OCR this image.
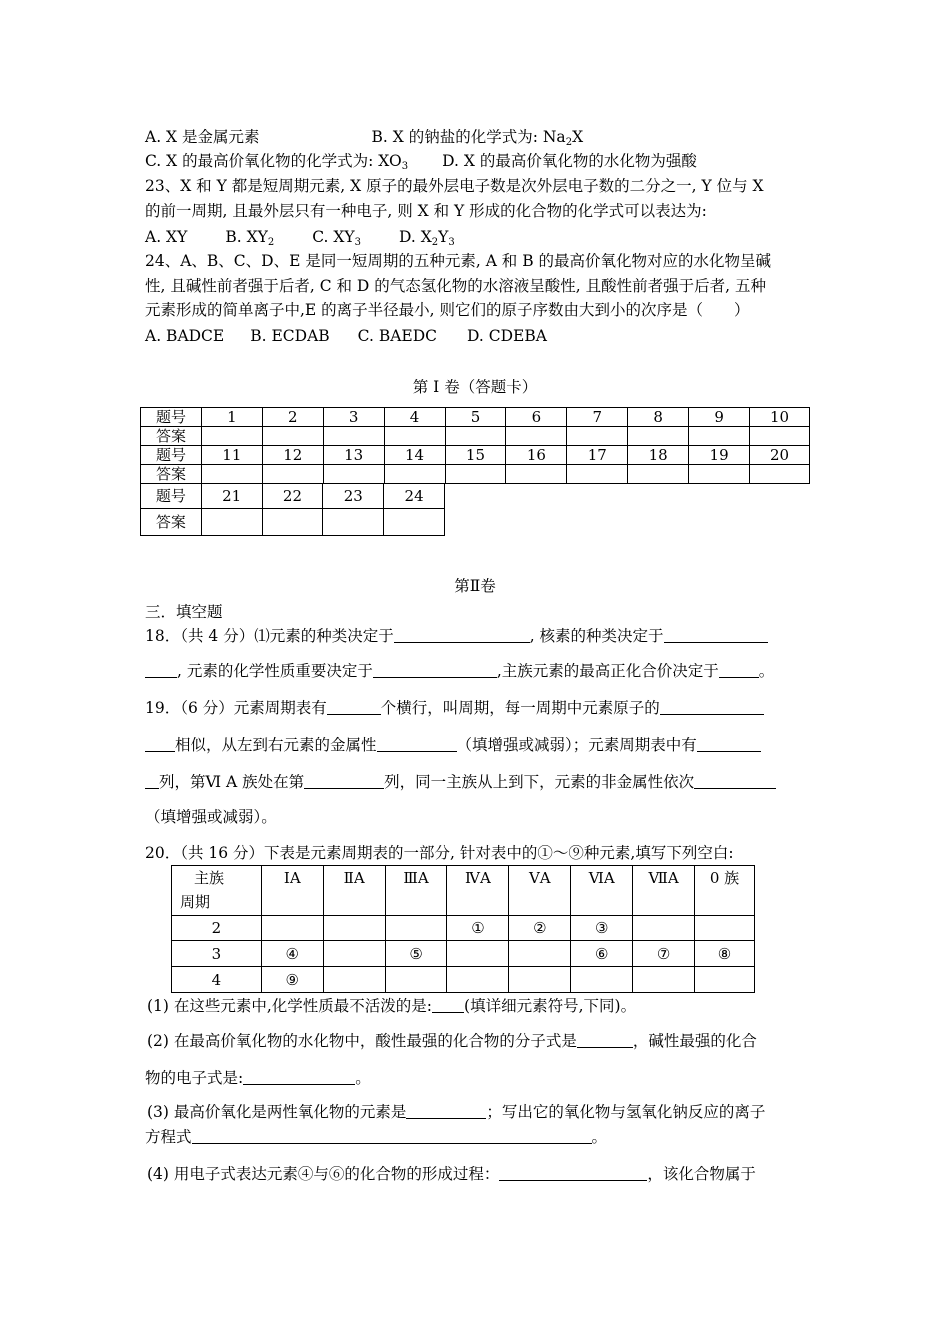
A. X 是金属元素	B. X 的钠盐的化学式为: $Na_2X$
C. X 的最高价氧化物的化学式为: $XO_3$ D. X 的最高价氧化物的水化物为强酸
23、X 和 Y 都是短周期元素, X 原子的最外层电子数是次外层电子数的二分之一, Y 位与 X
的前一周期, 且最外层只有一种电子, 则 X 和 Y 形成的化合物的化学式可以表达为:
A. XY B. $XY_2$ C. $XY_3$ D. $X_2Y_3$
24、A、B、C、D、E 是同一短周期的五种元素, A 和 B 的最高价氧化物对应的水化物呈碱
性, 且碱性前者强于后者, C 和 D 的气态氢化物的水溶液呈酸性, 且酸性前者强于后者, 五种
元素形成的简单离子中,E 的离子半径最小, 则它们的原子序数由大到小的次序是（　　）
A. BADCE B. ECDAB C. BAEDC D. CDEBA
第 I 卷（答题卡）
题号	1	2	3	4	5	6	7	8	9	10
答案										
题号	11	12	13	14	15	16	17	18	19	20
答案										
题号	21	22	23	24
答案				
第Ⅱ卷
三．填空题
18．（共 4 分）⑴元素的种类决定于	, 核素的种类决定于
, 元素的化学性质重要决定于	,主族元素的最高正化合价决定于	。
19．（6 分）元素周期表有	个横行，叫周期，每一周期中元素原子的
相似，从左到右元素的金属性	（填增强或减弱）；元素周期表中有
列，第Ⅵ A 族处在第	列，同一主族从上到下，元素的非金属性依次
（填增强或减弱）。
20．（共 16 分）下表是元素周期表的一部分, 针对表中的①～⑨种元素,填写下列空白:
主族
周期	ⅠA	ⅡA	ⅢA	ⅣA	ⅤA	ⅥA	ⅦA	0 族
2				①	②	③		
3	④		⑤			⑥	⑦	⑧
4	⑨							
(1) 在这些元素中,化学性质最不活泼的是: (填详细元素符号,下同)。
(2) 在最高价氧化物的水化物中，酸性最强的化合物的分子式是	，碱性最强的化合
物的电子式是:	。
(3) 最高价氧化是两性氧化物的元素是	；写出它的氧化物与氢氧化钠反应的离子
方程式	。
(4) 用电子式表达元素④与⑥的化合物的形成过程：	，该化合物属于
